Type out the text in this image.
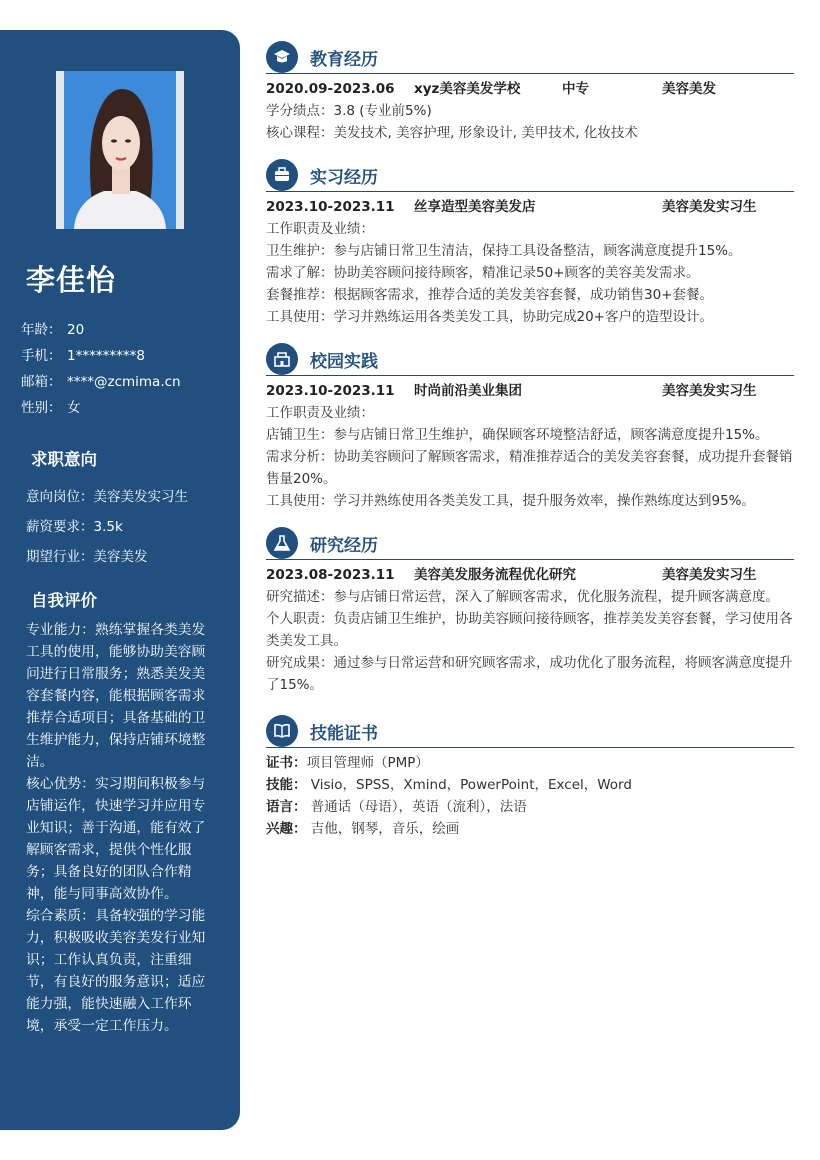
李佳怡
年龄： 20
手机： 1*********8
邮箱： ****@zcmima.cn
性别： 女
求职意向
意向岗位：美容美发实习生
薪资要求：3.5k
期望行业：美容美发
自我评价

专业能力：熟练掌握各类美发工具的使用，能够协助美容顾问进行日常服务；熟悉美发美容套餐内容，能根据顾客需求推荐合适项目；具备基础的卫生维护能力，保持店铺环境整洁。

核心优势：实习期间积极参与店铺运作，快速学习并应用专业知识；善于沟通，能有效了解顾客需求，提供个性化服务；具备良好的团队合作精神，能与同事高效协作。

综合素质：具备较强的学习能力，积极吸收美容美发行业知识；工作认真负责，注重细节，有良好的服务意识；适应能力强，能快速融入工作环境，承受一定工作压力。

教育经历
2020.09-2023.06 xyz美容美发学校	中专	美容美发
学分绩点：3.8 (专业前5%)
核心课程：美发技术, 美容护理, 形象设计, 美甲技术, 化妆技术
实习经历
2023.10-2023.11 丝享造型美容美发店	美容美发实习生
工作职责及业绩：
卫生维护：参与店铺日常卫生清洁，保持工具设备整洁，顾客满意度提升15%。
需求了解：协助美容顾问接待顾客，精准记录50+顾客的美容美发需求。
套餐推荐：根据顾客需求，推荐合适的美发美容套餐，成功销售30+套餐。
工具使用：学习并熟练运用各类美发工具，协助完成20+客户的造型设计。
校园实践
2023.10-2023.11 时尚前沿美业集团	美容美发实习生
工作职责及业绩：
店铺卫生：参与店铺日常卫生维护，确保顾客环境整洁舒适，顾客满意度提升15%。
需求分析：协助美容顾问了解顾客需求，精准推荐适合的美发美容套餐，成功提升套餐销售量20%。
工具使用：学习并熟练使用各类美发工具，提升服务效率，操作熟练度达到95%。
研究经历
2023.08-2023.11 美容美发服务流程优化研究	美容美发实习生
研究描述：参与店铺日常运营，深入了解顾客需求，优化服务流程，提升顾客满意度。
个人职责：负责店铺卫生维护，协助美容顾问接待顾客，推荐美发美容套餐，学习使用各类美发工具。
研究成果：通过参与日常运营和研究顾客需求，成功优化了服务流程，将顾客满意度提升了15%。
技能证书
证书：项目管理师（PMP）
技能： Visio，SPSS，Xmind，PowerPoint，Excel，Word
语言： 普通话（母语），英语（流利），法语
兴趣： 吉他，钢琴，音乐，绘画
